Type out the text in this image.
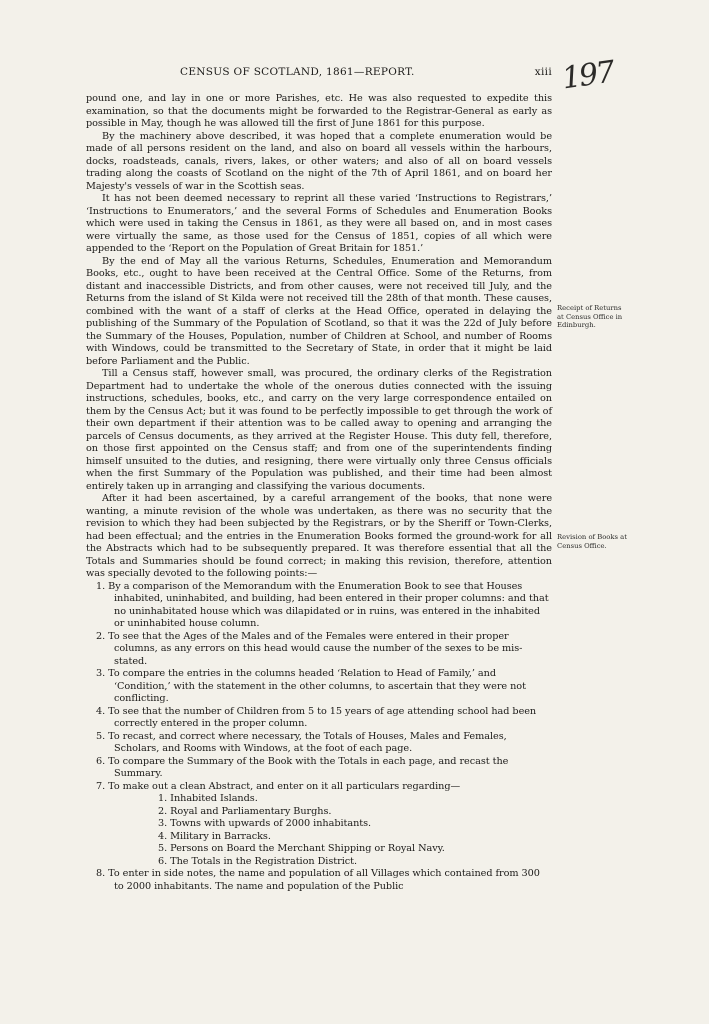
CENSUS OF SCOTLAND, 1861—REPORT.	xiii 197

pound one, and lay in one or more Parishes, etc. He was also requested to expedite this examination, so that the documents might be forwarded to the Registrar-General as early as possible in May, though he was allowed till the first of June 1861 for this purpose.

By the machinery above described, it was hoped that a complete enumeration would be made of all persons resident on the land, and also on board all vessels within the harbours, docks, roadsteads, canals, rivers, lakes, or other waters; and also of all on board vessels trading along the coasts of Scotland on the night of the 7th of April 1861, and on board her Majesty's vessels of war in the Scottish seas.

It has not been deemed necessary to reprint all these varied ‘Instructions to Registrars,’ ‘Instructions to Enumerators,’ and the several Forms of Schedules and Enumeration Books which were used in taking the Census in 1861, as they were all based on, and in most cases were virtually the same, as those used for the Census of 1851, copies of all which were appended to the ‘Report on the Population of Great Britain for 1851.’

By the end of May all the various Returns, Schedules, Enumeration and Memorandum Books, etc., ought to have been received at the Central Office. Some of the Returns, from distant and inaccessible Districts, and from other causes, were not received till July, and the Returns from the island of St Kilda were not received till the 28th of that month. These causes, combined with the want of a staff of clerks at the Head Office, operated in delaying the publishing of the Summary of the Population of Scotland, so that it was the 22d of July before the Summary of the Houses, Population, number of Children at School, and number of Rooms with Windows, could be transmitted to the Secretary of State, in order that it might be laid before Parliament and the Public.

Till a Census staff, however small, was procured, the ordinary clerks of the Registration Department had to undertake the whole of the onerous duties connected with the issuing instructions, schedules, books, etc., and carry on the very large correspondence entailed on them by the Census Act; but it was found to be perfectly impossible to get through the work of their own department if their attention was to be called away to opening and arranging the parcels of Census documents, as they arrived at the Register House. This duty fell, therefore, on those first appointed on the Census staff; and from one of the superintendents finding himself unsuited to the duties, and resigning, there were virtually only three Census officials when the first Summary of the Population was published, and their time had been almost entirely taken up in arranging and classifying the various documents.

After it had been ascertained, by a careful arrangement of the books, that none were wanting, a minute revision of the whole was undertaken, as there was no security that the revision to which they had been subjected by the Registrars, or by the Sheriff or Town-Clerks, had been effectual; and the entries in the Enumeration Books formed the ground-work for all the Abstracts which had to be subsequently prepared. It was therefore essential that all the Totals and Summaries should be found correct; in making this revision, therefore, attention was specially devoted to the following points:—

1. By a comparison of the Memorandum with the Enumeration Book to see that Houses inhabited, uninhabited, and building, had been entered in their proper columns: and that no uninhabitated house which was dilapidated or in ruins, was entered in the inhabited or uninhabited house column.
2. To see that the Ages of the Males and of the Females were entered in their proper columns, as any errors on this head would cause the number of the sexes to be mis-stated.
3. To compare the entries in the columns headed ‘Relation to Head of Family,’ and ‘Condition,’ with the statement in the other columns, to ascertain that they were not conflicting.
4. To see that the number of Children from 5 to 15 years of age attending school had been correctly entered in the proper column.
5. To recast, and correct where necessary, the Totals of Houses, Males and Females, Scholars, and Rooms with Windows, at the foot of each page.
6. To compare the Summary of the Book with the Totals in each page, and recast the Summary.
7. To make out a clean Abstract, and enter on it all particulars regarding—
1. Inhabited Islands.
2. Royal and Parliamentary Burghs.
3. Towns with upwards of 2000 inhabitants.
4. Military in Barracks.
5. Persons on Board the Merchant Shipping or Royal Navy.
6. The Totals in the Registration District.
8. To enter in side notes, the name and population of all Villages which contained from 300 to 2000 inhabitants. The name and population of the Public
Receipt of Returns at Census Office in Edinburgh.
Revision of Books at Census Office.
